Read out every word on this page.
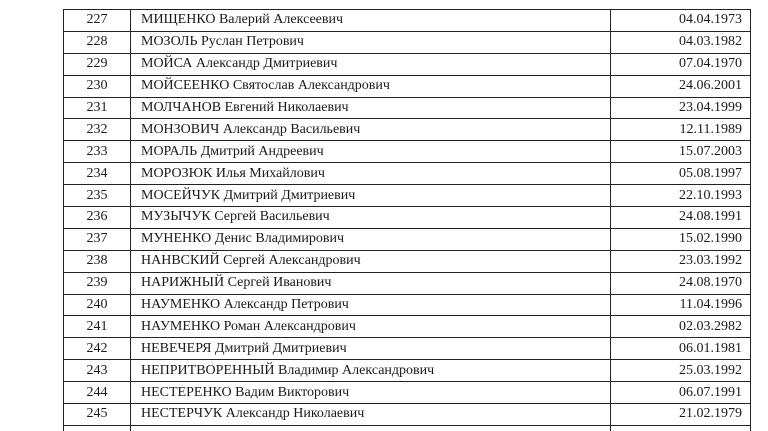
227	МИЩЕНКО Валерий Алексеевич	04.04.1973
228	МОЗОЛЬ Руслан Петрович	04.03.1982
229	МОЙСА Александр Дмитриевич	07.04.1970
230	МОЙСЕЕНКО Святослав Александрович	24.06.2001
231	МОЛЧАНОВ Евгений Николаевич	23.04.1999
232	МОНЗОВИЧ Александр Васильевич	12.11.1989
233	МОРАЛЬ Дмитрий Андреевич	15.07.2003
234	МОРОЗЮК Илья Михайлович	05.08.1997
235	МОСЕЙЧУК Дмитрий Дмитриевич	22.10.1993
236	МУЗЫЧУК Сергей Васильевич	24.08.1991
237	МУНЕНКО Денис Владимирович	15.02.1990
238	НАНВСКИЙ Сергей Александрович	23.03.1992
239	НАРИЖНЫЙ Сергей Иванович	24.08.1970
240	НАУМЕНКО Александр Петрович	11.04.1996
241	НАУМЕНКО Роман Александрович	02.03.2982
242	НЕВЕЧЕРЯ Дмитрий Дмитриевич	06.01.1981
243	НЕПРИТВОРЕННЫЙ Владимир Александрович	25.03.1992
244	НЕСТЕРЕНКО Вадим Викторович	06.07.1991
245	НЕСТЕРЧУК Александр Николаевич	21.02.1979
